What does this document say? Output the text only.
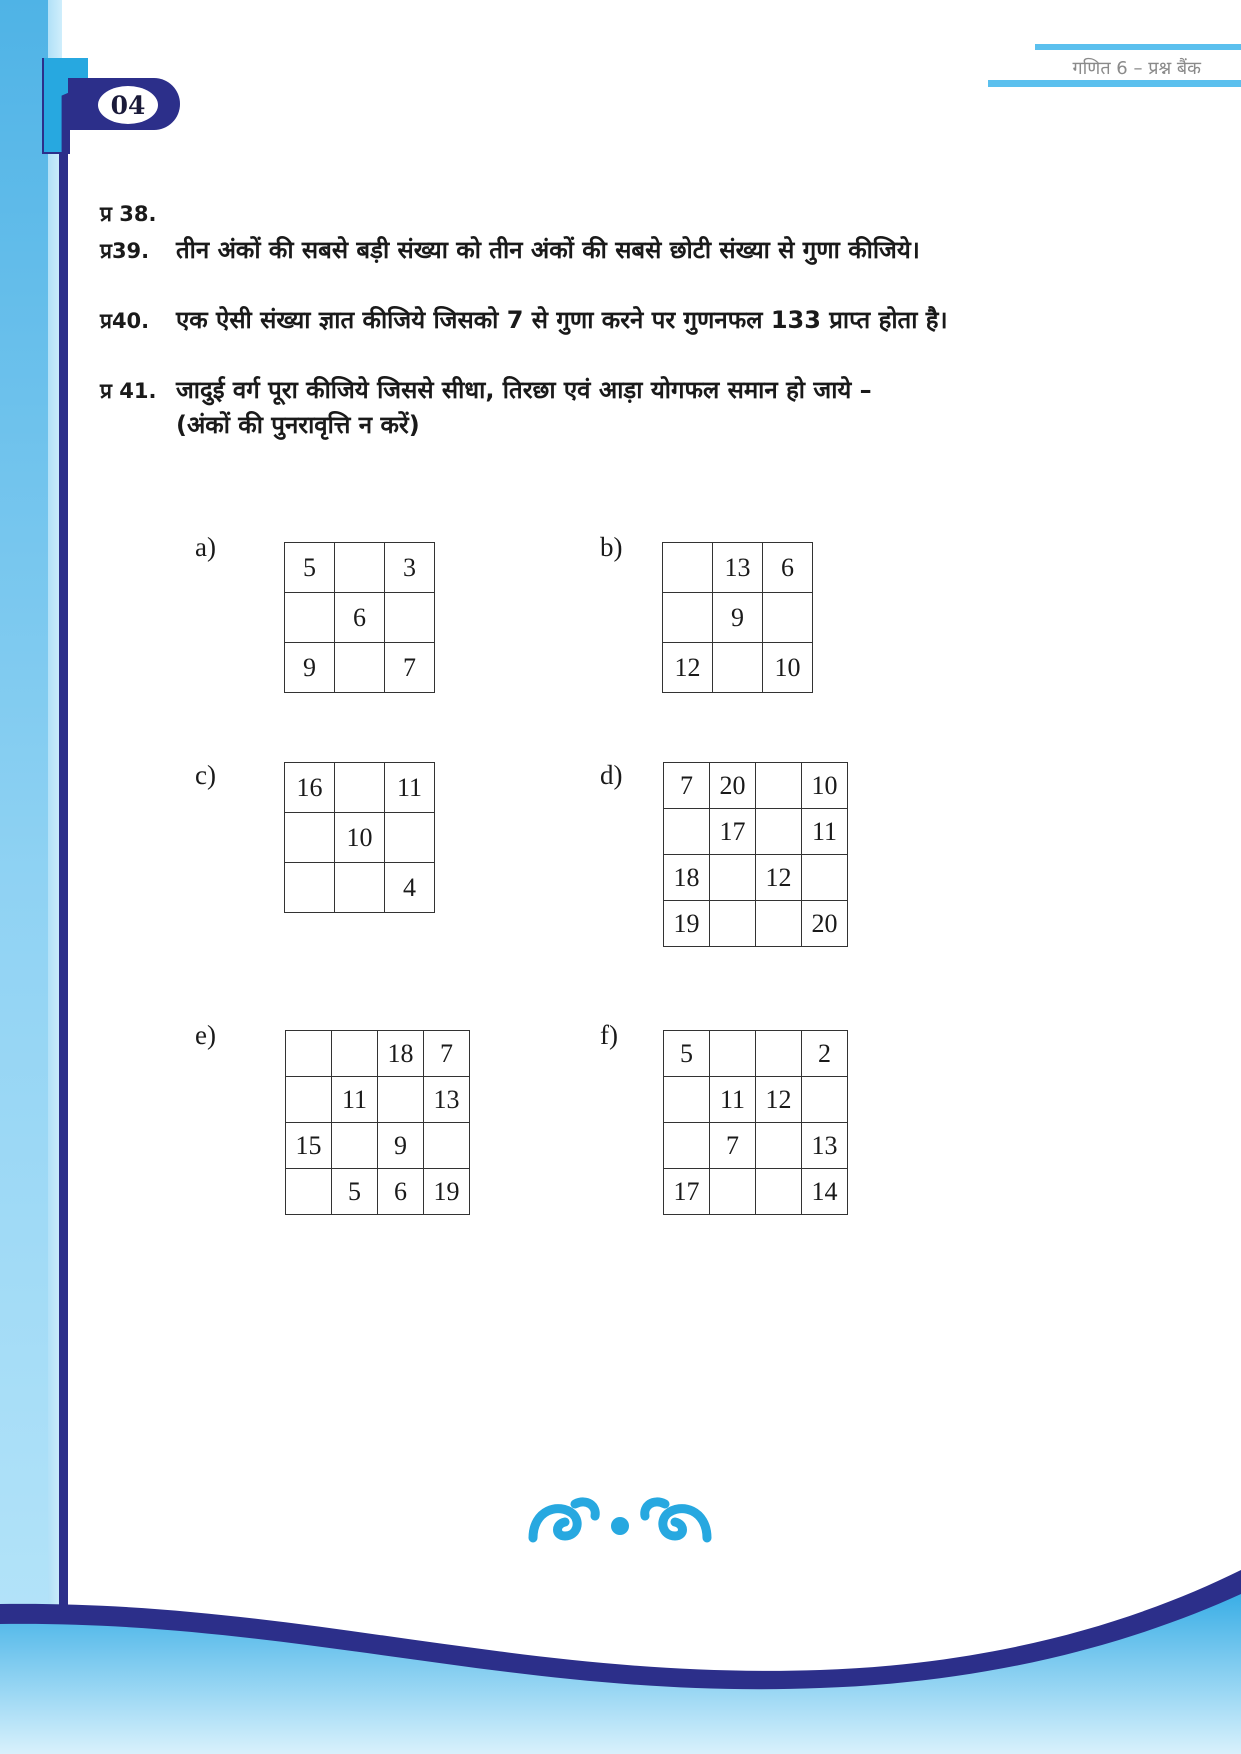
04
गणित 6 – प्रश्न बैंक
प्र 38.
प्र39.	तीन अंकों की सबसे बड़ी संख्या को तीन अंकों की सबसे छोटी संख्या से गुणा कीजिये।
प्र40.	एक ऐसी संख्या ज्ञात कीजिये जिसको 7 से गुणा करने पर गुणनफल 133 प्राप्त होता है।
प्र 41. जादुई वर्ग पूरा कीजिये जिससे सीधा, तिरछा एवं आड़ा योगफल समान हो जाये –
(अंकों की पुनरावृत्ति न करें)
a)	b)
c)	d)
e)	f)
5		3
	6	
9		7
	13	6
	9	
12		10
16		11
	10	
		4
7	20		10
	17		11
18		12	
19			20
		18	7
	11		13
15		9	
	5	6	19
5			2
	11	12	
	7		13
17			14
